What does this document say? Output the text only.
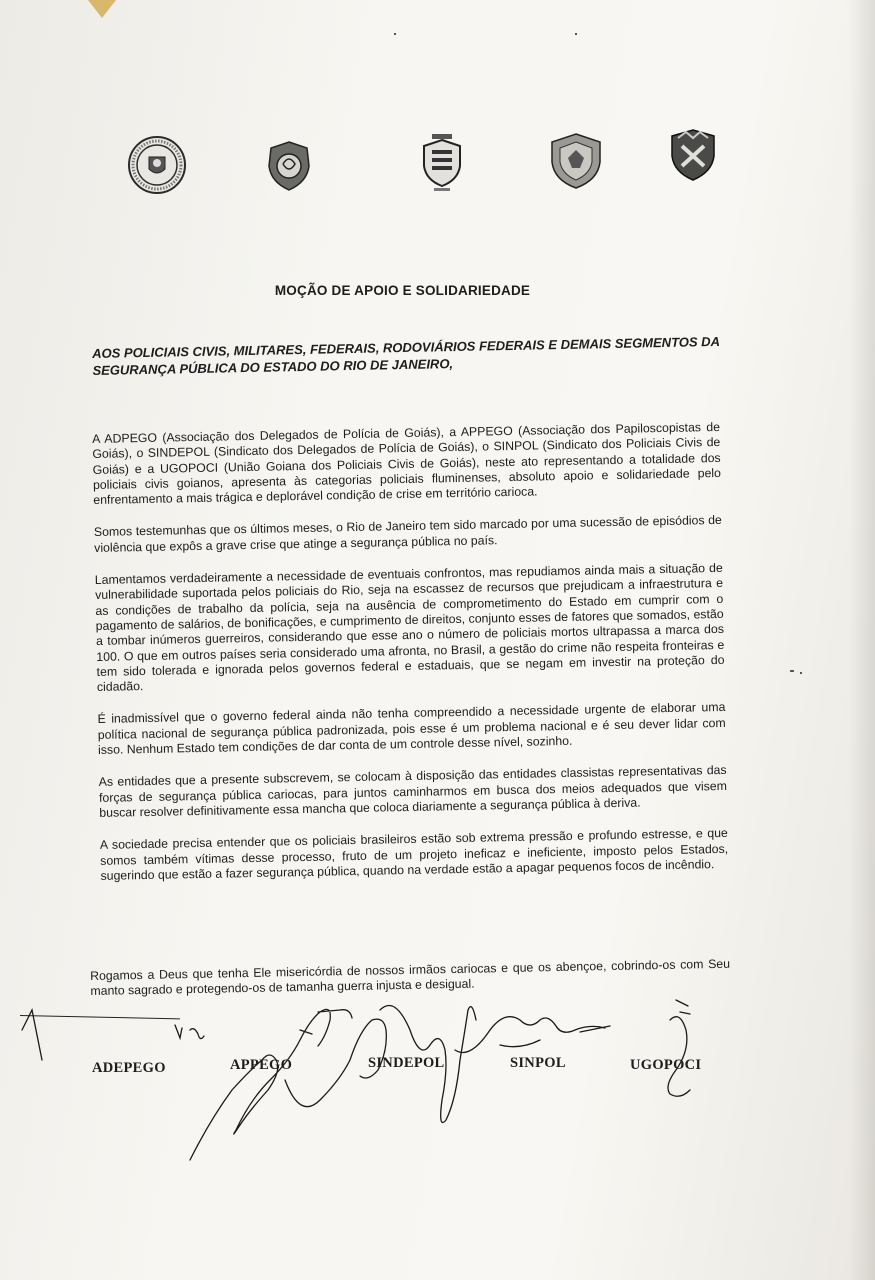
MOÇÃO DE APOIO E SOLIDARIEDADE
AOS POLICIAIS CIVIS, MILITARES, FEDERAIS, RODOVIÁRIOS FEDERAIS E DEMAIS SEGMENTOS DA SEGURANÇA PÚBLICA DO ESTADO DO RIO DE JANEIRO,

A ADPEGO (Associação dos Delegados de Polícia de Goiás), a APPEGO (Associação dos Papiloscopistas de Goiás), o SINDEPOL (Sindicato dos Delegados de Polícia de Goiás), o SINPOL (Sindicato dos Policiais Civis de Goiás) e a UGOPOCI (União Goiana dos Policiais Civis de Goiás), neste ato representando a totalidade dos policiais civis goianos, apresenta às categorias policiais fluminenses, absoluto apoio e solidariedade pelo enfrentamento a mais trágica e deplorável condição de crise em território carioca.

Somos testemunhas que os últimos meses, o Rio de Janeiro tem sido marcado por uma sucessão de episódios de violência que expôs a grave crise que atinge a segurança pública no país.

Lamentamos verdadeiramente a necessidade de eventuais confrontos, mas repudiamos ainda mais a situação de vulnerabilidade suportada pelos policiais do Rio, seja na escassez de recursos que prejudicam a infraestrutura e as condições de trabalho da polícia, seja na ausência de comprometimento do Estado em cumprir com o pagamento de salários, de bonificações, e cumprimento de direitos, conjunto esses de fatores que somados, estão a tombar inúmeros guerreiros, considerando que esse ano o número de policiais mortos ultrapassa a marca dos 100. O que em outros países seria considerado uma afronta, no Brasil, a gestão do crime não respeita fronteiras e tem sido tolerada e ignorada pelos governos federal e estaduais, que se negam em investir na proteção do cidadão.

É inadmissível que o governo federal ainda não tenha compreendido a necessidade urgente de elaborar uma política nacional de segurança pública padronizada, pois esse é um problema nacional e é seu dever lidar com isso. Nenhum Estado tem condições de dar conta de um controle desse nível, sozinho.

As entidades que a presente subscrevem, se colocam à disposição das entidades classistas representativas das forças de segurança pública cariocas, para juntos caminharmos em busca dos meios adequados que visem buscar resolver definitivamente essa mancha que coloca diariamente a segurança pública à deriva.

A sociedade precisa entender que os policiais brasileiros estão sob extrema pressão e profundo estresse, e que somos também vítimas desse processo, fruto de um projeto ineficaz e ineficiente, imposto pelos Estados, sugerindo que estão a fazer segurança pública, quando na verdade estão a apagar pequenos focos de incêndio.

Rogamos a Deus que tenha Ele misericórdia de nossos irmãos cariocas e que os abençoe, cobrindo-os com Seu manto sagrado e protegendo-os de tamanha guerra injusta e desigual.

ADEPEGO	APPEGO	SINDEPOL	SINPOL	UGOPOCI
